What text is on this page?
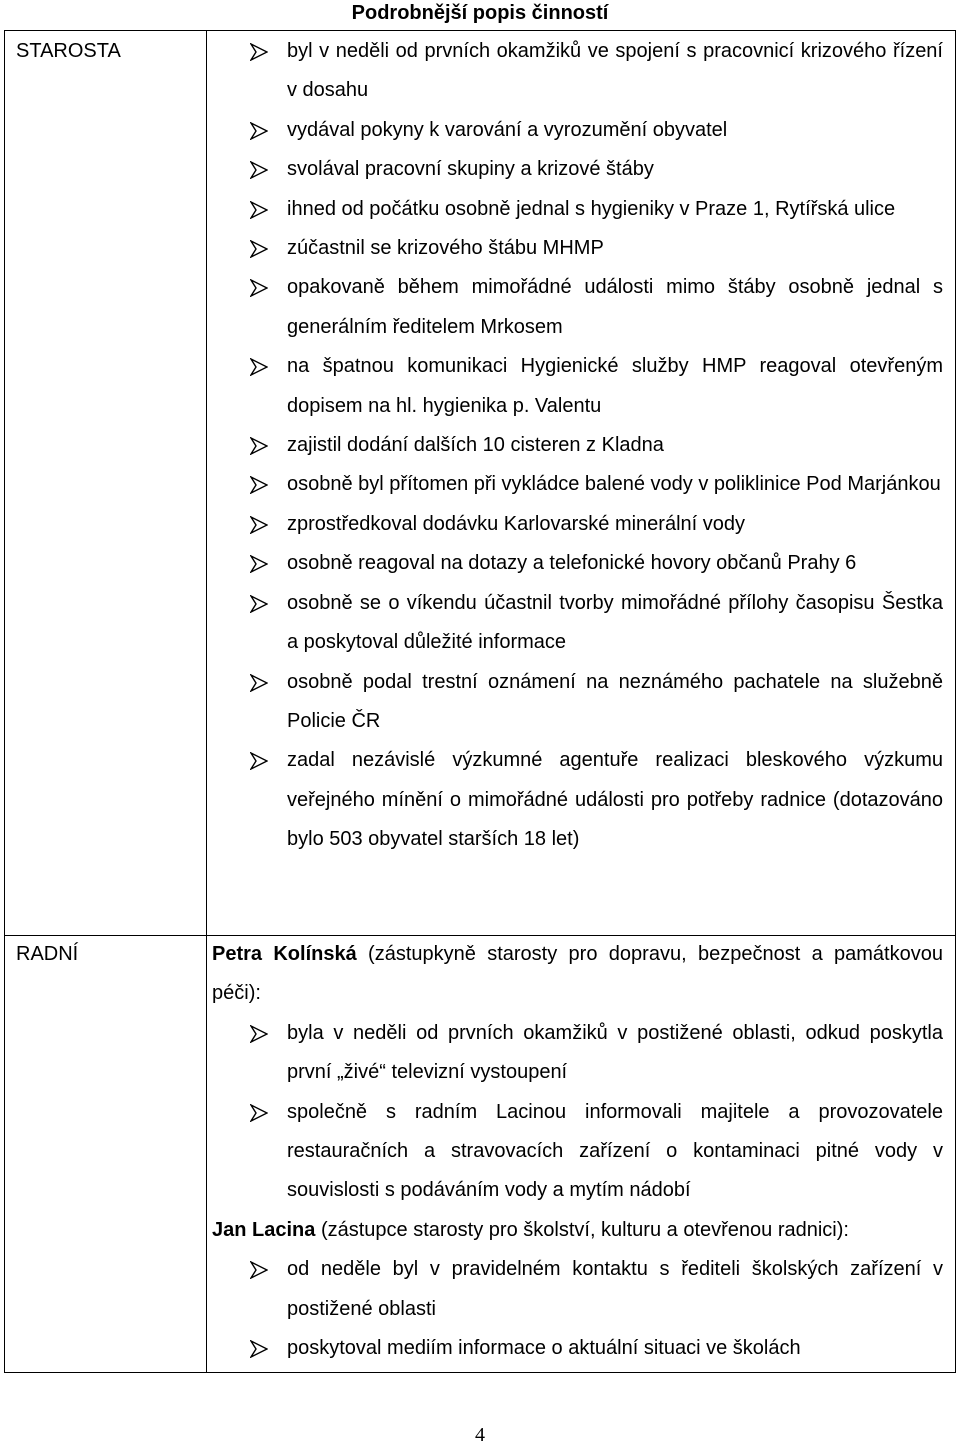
Podrobnější popis činností
STAROSTA
RADNÍ
byl v neděli od prvních okamžiků ve spojení s pracovnicí krizového řízení v dosahu
vydával pokyny k varování a vyrozumění obyvatel
svolával pracovní skupiny a krizové štáby
ihned od počátku osobně jednal s hygieniky v Praze 1, Rytířská ulice
zúčastnil se krizového štábu MHMP
opakovaně během mimořádné události mimo štáby osobně jednal s generálním ředitelem Mrkosem
na špatnou komunikaci Hygienické služby HMP reagoval otevřeným dopisem na hl. hygienika p. Valentu
zajistil dodání dalších 10 cisteren z Kladna
osobně byl přítomen při vykládce balené vody v poliklinice Pod Marjánkou
zprostředkoval dodávku Karlovarské minerální vody
osobně reagoval na dotazy a telefonické hovory občanů Prahy 6
osobně se o víkendu účastnil tvorby mimořádné přílohy časopisu Šestka a poskytoval důležité informace
osobně podal trestní oznámení na neznámého pachatele na služebně Policie ČR
zadal nezávislé výzkumné agentuře realizaci bleskového výzkumu veřejného mínění o mimořádné události pro potřeby radnice (dotazováno bylo 503 obyvatel starších 18 let)
Petra Kolínská (zástupkyně starosty pro dopravu, bezpečnost a památkovou péči):
byla v neděli od prvních okamžiků v postižené oblasti, odkud poskytla první „živé“ televizní vystoupení
společně s radním Lacinou informovali majitele a provozovatele restauračních a stravovacích zařízení o kontaminaci pitné vody v souvislosti s podáváním vody a mytím nádobí
Jan Lacina (zástupce starosty pro školství, kulturu a otevřenou radnici):
od neděle byl v pravidelném kontaktu s řediteli školských zařízení v postižené oblasti
poskytoval mediím informace o aktuální situaci ve školách
4
